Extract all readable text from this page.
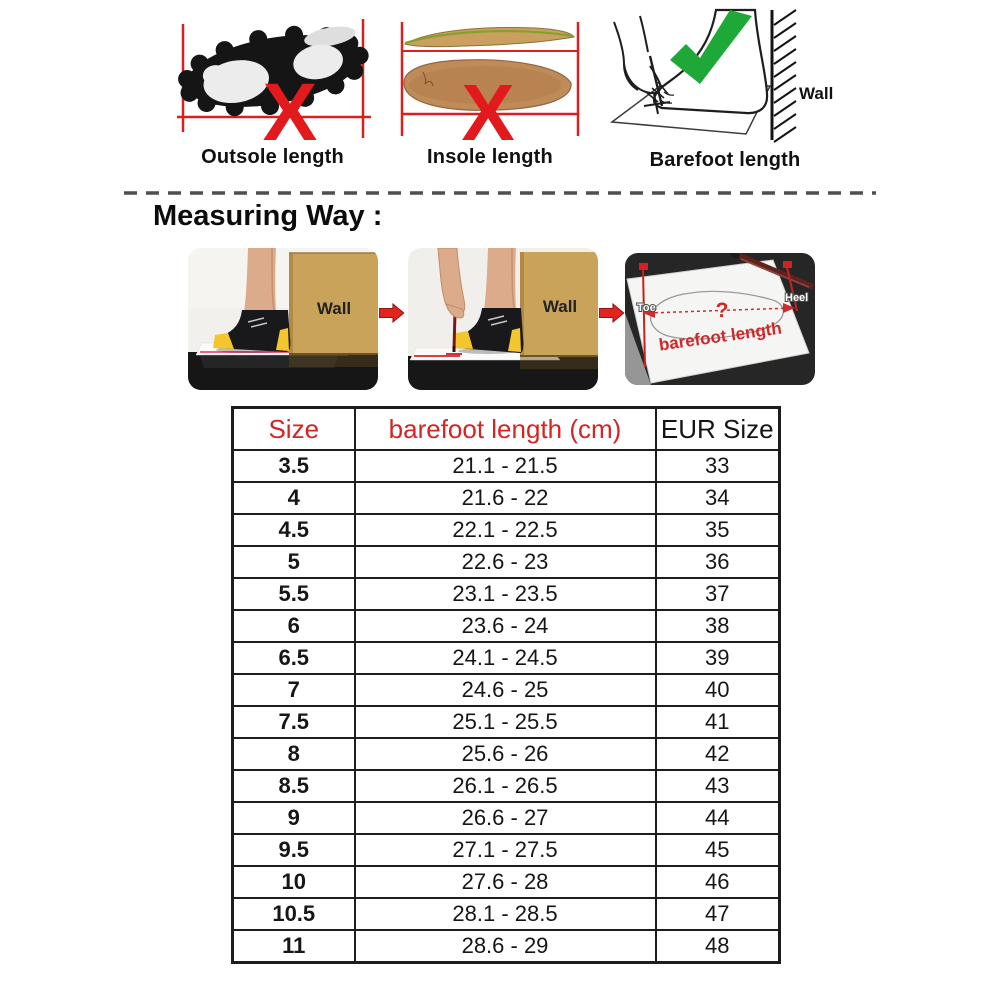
X
Outsole length	X
Insole length
Wall
Barefoot length
Measuring Way :
Wall	Wall	?
barefoot length
Toe
Heel
Size	barefoot length (cm)	EUR Size
3.5	21.1 - 21.5	33
4	21.6 - 22	34
4.5	22.1 - 22.5	35
5	22.6 - 23	36
5.5	23.1 - 23.5	37
6	23.6 - 24	38
6.5	24.1 - 24.5	39
7	24.6 - 25	40
7.5	25.1 - 25.5	41
8	25.6 - 26	42
8.5	26.1 - 26.5	43
9	26.6 - 27	44
9.5	27.1 - 27.5	45
10	27.6 - 28	46
10.5	28.1 - 28.5	47
11	28.6 - 29	48
